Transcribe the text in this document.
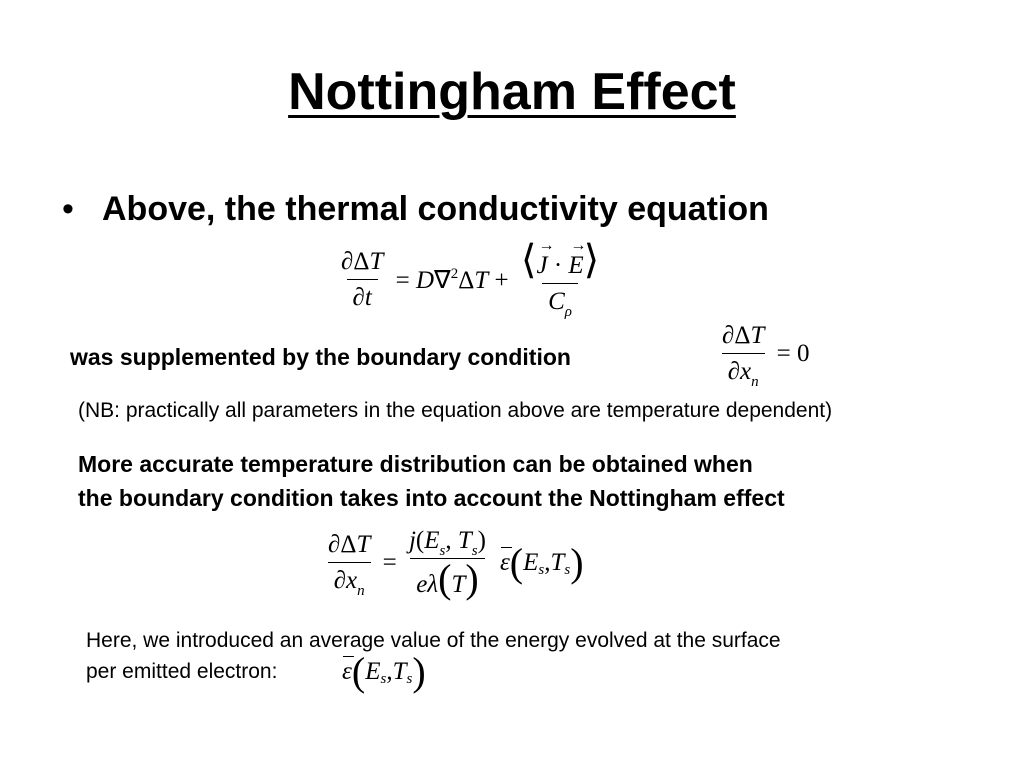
Nottingham Effect
• Above, the thermal conductivity equation
$\frac{\partial\Delta T}{\partial t} = D\nabla^2\Delta T + \frac{⟨\to J \cdot \to E⟩}{C_\rho}$
was supplemented by the boundary condition	$\frac{\partial\Delta T}{\partial x_n} = 0$
(NB: practically all parameters in the equation above are temperature dependent)
More accurate temperature distribution can be obtained when
the boundary condition takes into account the Nottingham effect
$\frac{\partial\Delta T}{\partial x_n} = \frac{j(E_s, T_s)}{e\lambda(T)}$ ε ( E s , T s )
Here, we introduced an average value of the energy evolved at the surface
per emitted electron:	ε ( E s , T s )
